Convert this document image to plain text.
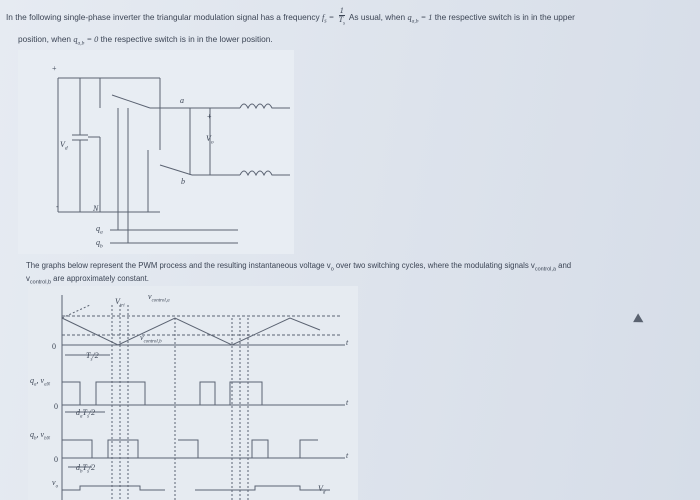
In the following single-phase inverter the triangular modulation signal has a frequency $f_s = \frac{1}{T_s}$ As usual, when $q_{a,b} = 1$ the respective switch is in in the upper
position, when $q_{a,b} = 0$ the respective switch is in in the lower position.
+
-
$V_d$
N
a
b
+
$V_o$
$q_a$
$q_b$
The graphs below represent the PWM process and the resulting instantaneous voltage $v_o$ over two switching cycles, where the modulating signals $v_{control,a}$ and
$v_{control,b}$ are approximately constant.
$V_{tri}$
$v_{control,a}$
$v_{control,b}$
0
$T_s/2$
$q_a$, $v_{aN}$
0
$d_aT_s/2$
$q_b$, $v_{bN}$
0
$d_bT_s/2$
$v_o$	$V_d$
t
t
t
